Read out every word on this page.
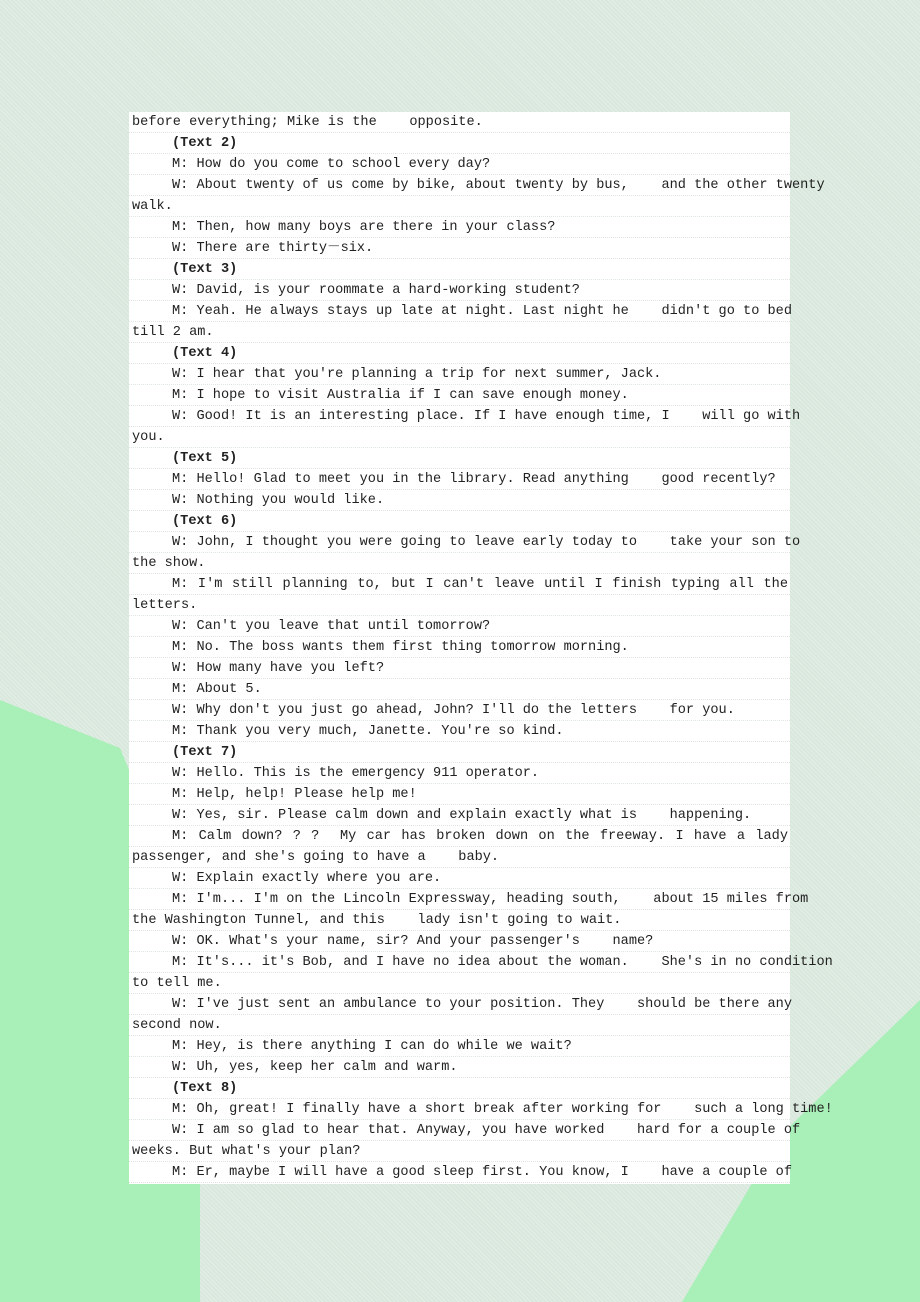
before everything; Mike is the    opposite.
(Text 2)
M: How do you come to school every day?
W: About twenty of us come by bike, about twenty by bus,    and the other twenty
walk.
M: Then, how many boys are there in your class?
W: There are thirty－six.
(Text 3)
W: David, is your roommate a hard-working student?
M: Yeah. He always stays up late at night. Last night he    didn't go to bed
till 2 am.
(Text 4)
W: I hear that you're planning a trip for next summer, Jack.
M: I hope to visit Australia if I can save enough money.
W: Good! It is an interesting place. If I have enough time, I    will go with
you.
(Text 5)
M: Hello! Glad to meet you in the library. Read anything    good recently?
W: Nothing you would like.
(Text 6)
W: John, I thought you were going to leave early today to    take your son to
the show.
M: I'm still planning to, but I can't leave until I finish typing all the
letters.
W: Can't you leave that until tomorrow?
M: No. The boss wants them first thing tomorrow morning.
W: How many have you left?
M: About 5.
W: Why don't you just go ahead, John? I'll do the letters    for you.
M: Thank you very much, Janette. You're so kind.
(Text 7)
W: Hello. This is the emergency 911 operator.
M: Help, help! Please help me!
W: Yes, sir. Please calm down and explain exactly what is    happening.
M: Calm down? ? ?  My car has broken down on the freeway. I have a lady
passenger, and she's going to have a    baby.
W: Explain exactly where you are.
M: I'm... I'm on the Lincoln Expressway, heading south,    about 15 miles from
the Washington Tunnel, and this    lady isn't going to wait.
W: OK. What's your name, sir? And your passenger's    name?
M: It's... it's Bob, and I have no idea about the woman.    She's in no condition
to tell me.
W: I've just sent an ambulance to your position. They    should be there any
second now.
M: Hey, is there anything I can do while we wait?
W: Uh, yes, keep her calm and warm.
(Text 8)
M: Oh, great! I finally have a short break after working for    such a long time!
W: I am so glad to hear that. Anyway, you have worked    hard for a couple of
weeks. But what's your plan?
M: Er, maybe I will have a good sleep first. You know, I    have a couple of
